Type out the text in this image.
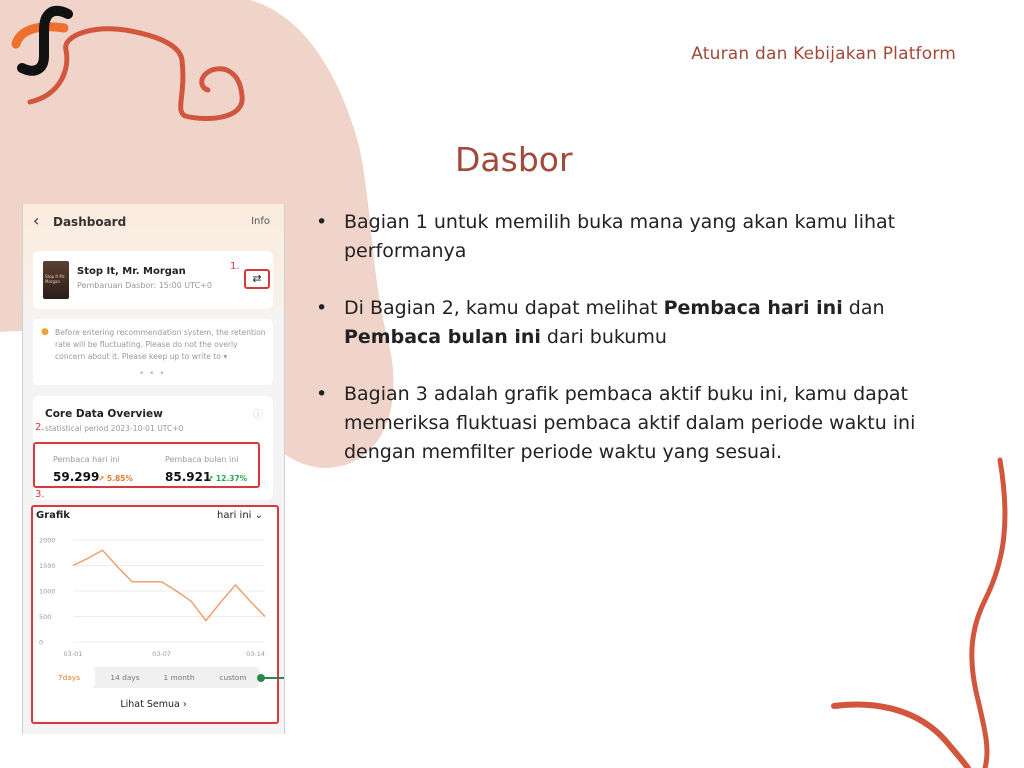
Aturan dan Kebijakan Platform
Dasbor
• Bagian 1 untuk memilih buka mana yang akan kamu lihat performanya
• Di Bagian 2, kamu dapat melihat Pembaca hari ini dan Pembaca bulan ini dari bukumu
• Bagian 3 adalah grafik pembaca aktif buku ini, kamu dapat memeriksa fluktuasi pembaca aktif dalam periode waktu ini dengan memfilter periode waktu yang sesuai.
‹ Dashboard	Info
Stop It Mr. Morgan
Stop It, Mr. Morgan
Pembaruan Dasbor: 15:00 UTC+0
1.
⇄
● Before entering recommendation system, the retention rate will be fluctuating. Please do not the overly concern about it. Please keep up to write to ▾
• • •
Core Data Overview	ⓘ
statistical period 2023-10-01 UTC+0
2.
Pembaca hari ini
59.299
↗ 5.85%
Pembaca bulan ini
85.921
↗ 12.37%
3.
Grafik	hari ini ⌄
0
500
1000
1500
2000
03-01	03-07	03-14
7days	14 days	1 month	custom
Lihat Semua ›
